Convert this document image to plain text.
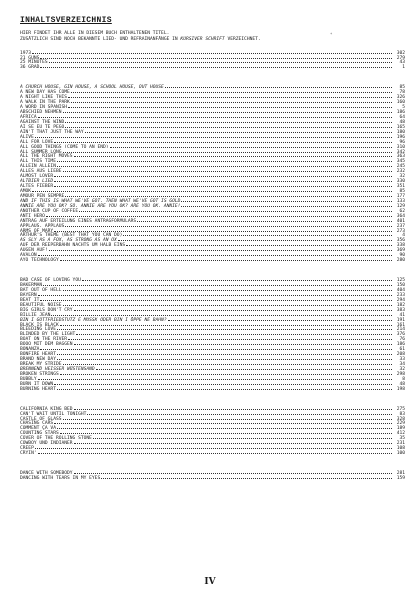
INHALTSVERZEICHNIS
HIER FINDET IHR ALLE IN DIESEM BUCH ENTHALTENEN TITEL.
ZUSÄTZLICH SIND NOCH BEKANNTE LIED- UND REFRAINANFÄNGE IN KURSIVER SCHRIFT VERZEICHNET.
1973	302
21 GUNS	279
25 MINUTES	43
36 GRAD	1
A CHURCH HOUSE, GIN HOUSE, A SCHOOL HOUSE, OUT HOUSE	85
A NEW DAY HAS COME	78
A NIGHT LIKE THIS	326
A WALK IN THE PARK	160
A WORD IN SPANISH	5
ABSCHIED NEHMEN	186
AFRICA	64
AGAINST THE WIND	48
AI SE EU TE PEGO	165
AIN'T THAT JUST THE WAY	180
ALIVE	196
ALL FOR LOVE	96
ALL GOOD THINGS (COME TO AN END)	310
ALL SUMMER LONG	342
ALL THE RIGHT MOVES	363
ALL THIS TIME	345
ALLEIN ALLEIN	245
ALLES AUS LIEBE	232
ALMOST LOVER	32
ALTBIER LIED	330
ALTES FIEBER	351
AMOK	85
AMOUR PEN SEMPRE	177
AND IF THIS IS WHAT WE'VE GOT, THEN WHAT WE'VE GOT IS GOLD	133
ANNIE ARE YOU OK? SO, ANNIE ARE YOU OK? ARE YOU OK, ANNIE!	129
ANOTHER CUP OF COFFEE	62
ANTI HERO	364
ANTRAG AUF ERTEILUNG EINES ANTRAGFORMULARS	401
APPLAUS, APPLAUS	237
ARMS OF MARY	273
ARTHUR'S THEME (BEST THAT YOU CAN DO)	4
AS SLY AS A FOX, AS STRONG AS AN OX	356
AUF DER REEPERBAHN NACHTS UM HALB EINS	338
AUGEN AUF!	369
AVALON	90
AYO TECHNOLOGY	280
BAD CASE OF LOVING YOU	125
BAKERMAN	150
BAT OUT OF HELL	404
BAYERN	233
BEAT IT	294
BEAUTIFUL NOISE	182
BIG GIRLS DON'T CRY	383
BILLIE JEAN	41
BIN I GOTTFRIEDSTUTZ E MUSSK ODER BIN I ÖPPE NE BAHN?	191
BLACK IS BLACK	161
BLEEDING LOVE	214
BLINDED BY THE LIGHT	376
BOAT ON THE RIVER	76
BOOO MIT DEM BAGGEN	186
BONANZA	61
BONFIRE HEART	208
BRAND NEW DAY	33
BREAK MY STRIDE	34
BRENNEND HEISSER WÜSTENSAND	32
BROKEN STRINGS	298
BUBBLY	8
BURN IT DOWN	48
BURNING HEART	198
CALIFORNIA KING BED	275
CAN'T WAIT UNTIL TONIGHT	83
CASTLE OF GLASS	328
CHASING CARS	229
COMMENT ÇA VA	189
COUNTING STARS	412
COVER OF THE ROLLING STONE	35
COWBOY UND INDIANER	231
CREEP	108
CRYIN'	100
DANCE WITH SOMEBODY	281
DANCING WITH TEARS IN MY EYES	159
*
IV
